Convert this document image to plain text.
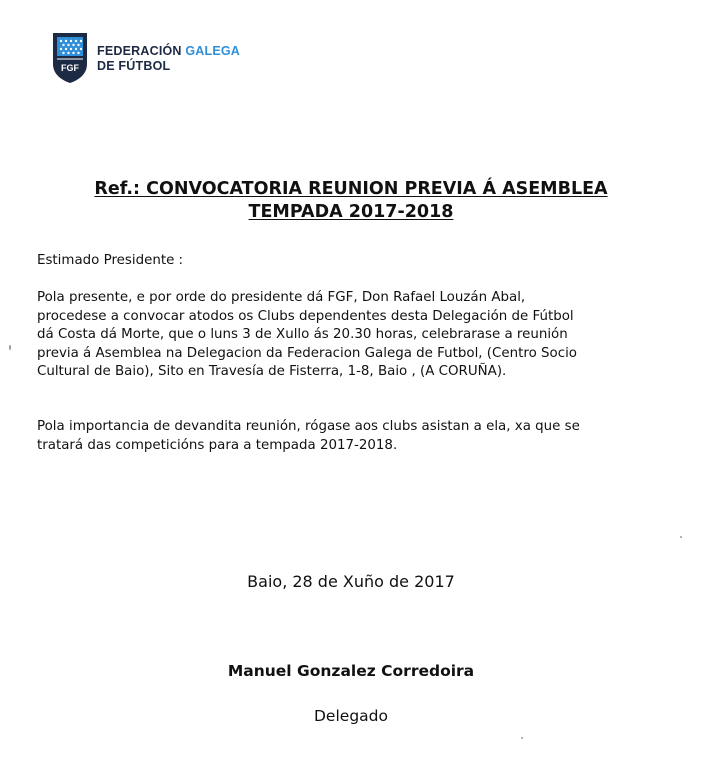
FGF
FEDERACIÓN GALEGA
DE FÚTBOL
Ref.: CONVOCATORIA REUNION PREVIA Á ASEMBLEA
TEMPADA 2017-2018
Estimado Presidente :
Pola presente, e por orde do presidente dá FGF, Don Rafael Louzán Abal,
procedese a convocar atodos os Clubs dependentes desta Delegación de Fútbol
dá Costa dá Morte, que o luns 3 de Xullo ás 20.30 horas, celebrarase a reunión
previa á Asemblea na Delegacion da Federacion Galega de Futbol, (Centro Socio
Cultural de Baio), Sito en Travesía de Fisterra, 1-8, Baio , (A CORUÑA).
Pola importancia de devandita reunión, rógase aos clubs asistan a ela, xa que se
tratará das competicións para a tempada 2017-2018.
Baio, 28 de Xuño de 2017
Manuel Gonzalez Corredoira
Delegado
